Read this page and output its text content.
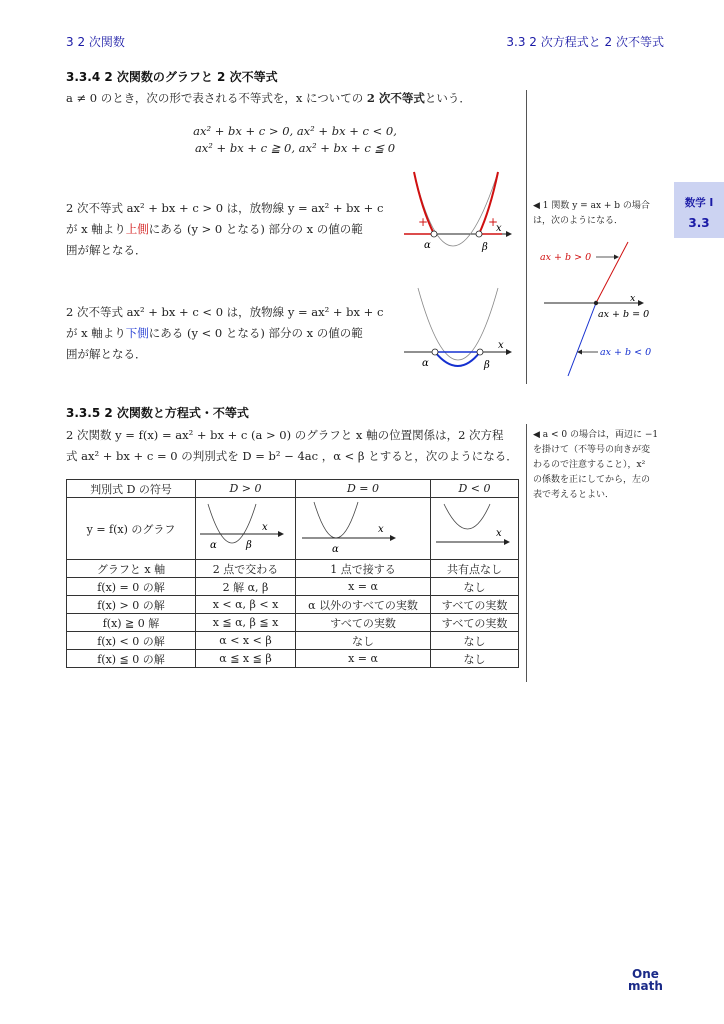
3 2 次関数	3.3 2 次方程式と 2 次不等式
数学 I
3.3
3.3.4 2 次関数のグラフと 2 次不等式
a ≠ 0 のとき，次の形で表される不等式を，x についての 2 次不等式という．
ax² + bx + c > 0, ax² + bx + c < 0,
ax² + bx + c ≧ 0, ax² + bx + c ≦ 0
2 次不等式 ax² + bx + c > 0 は，放物線 y = ax² + bx + c
が x 軸より上側にある (y > 0 となる) 部分の x の値の範
囲が解となる．
2 次不等式 ax² + bx + c < 0 は，放物線 y = ax² + bx + c
が x 軸より下側にある (y < 0 となる) 部分の x の値の範
囲が解となる．
+	+
x
α	β
x
α − β
◀ 1 関数 y = ax + b の場合
は，次のようになる．
ax + b > 0
x
ax + b = 0
ax + b < 0
3.3.5 2 次関数と方程式・不等式
2 次関数 y = f(x) = ax² + bx + c (a > 0) のグラフと x 軸の位置関係は，2 次方程
式 ax² + bx + c = 0 の判別式を D = b² − 4ac ，α < β とすると，次のようになる．
◀ a < 0 の場合は，両辺に −1
を掛けて（不等号の向きが変
わるので注意すること），x²
の係数を正にしてから，左の
表で考えるとよい．
判別式 D の符号	D > 0	D = 0	D < 0
y = f(x) のグラフ	x
α β	x
α	x

グラフと x 軸	2 点で交わる	1 点で接する	共有点なし
f(x) = 0 の解	2 解 α, β	x = α	なし
f(x) > 0 の解	x < α, β < x	α 以外のすべての実数	すべての実数
f(x) ≧ 0 解	x ≦ α, β ≦ x	すべての実数	すべての実数
f(x) < 0 の解	α < x < β	なし	なし
f(x) ≦ 0 の解	α ≦ x ≦ β	x = α	なし
One
math
